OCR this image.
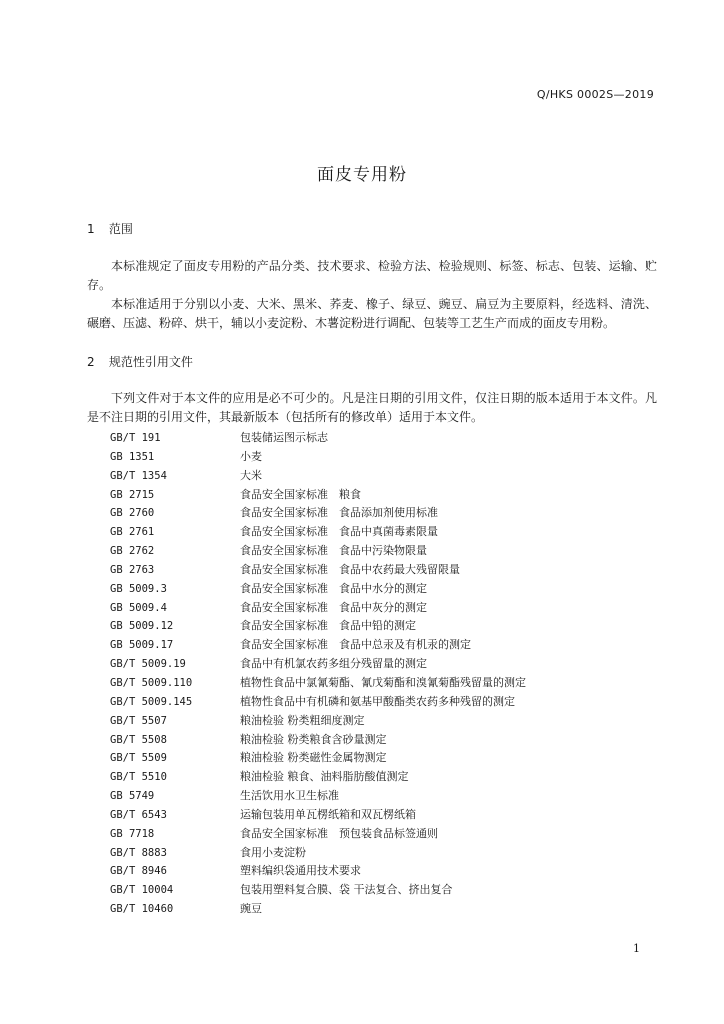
Q/HKS 0002S—2019
面皮专用粉
1 范围
本标准规定了面皮专用粉的产品分类、技术要求、检验方法、检验规则、标签、标志、包装、运输、贮存。
本标准适用于分别以小麦、大米、黑米、荞麦、橡子、绿豆、豌豆、扁豆为主要原料，经选料、清洗、碾磨、压滤、粉碎、烘干，辅以小麦淀粉、木薯淀粉进行调配、包装等工艺生产而成的面皮专用粉。
2 规范性引用文件
下列文件对于本文件的应用是必不可少的。凡是注日期的引用文件，仅注日期的版本适用于本文件。凡是不注日期的引用文件，其最新版本（包括所有的修改单）适用于本文件。
GB/T 191	包装储运图示标志
GB 1351	小麦
GB/T 1354	大米
GB 2715	食品安全国家标准　粮食
GB 2760	食品安全国家标准　食品添加剂使用标准
GB 2761	食品安全国家标准　食品中真菌毒素限量
GB 2762	食品安全国家标准　食品中污染物限量
GB 2763	食品安全国家标准　食品中农药最大残留限量
GB 5009.3	食品安全国家标准　食品中水分的测定
GB 5009.4	食品安全国家标准　食品中灰分的测定
GB 5009.12	食品安全国家标准　食品中铅的测定
GB 5009.17	食品安全国家标准　食品中总汞及有机汞的测定
GB/T 5009.19	食品中有机氯农药多组分残留量的测定
GB/T 5009.110	植物性食品中氯氰菊酯、氰戊菊酯和溴氰菊酯残留量的测定
GB/T 5009.145	植物性食品中有机磷和氨基甲酸酯类农药多种残留的测定
GB/T 5507	粮油检验 粉类粗细度测定
GB/T 5508	粮油检验 粉类粮食含砂量测定
GB/T 5509	粮油检验 粉类磁性金属物测定
GB/T 5510	粮油检验 粮食、油料脂肪酸值测定
GB 5749	生活饮用水卫生标准
GB/T 6543	运输包装用单瓦楞纸箱和双瓦楞纸箱
GB 7718	食品安全国家标准　预包装食品标签通则
GB/T 8883	食用小麦淀粉
GB/T 8946	塑料编织袋通用技术要求
GB/T 10004	包装用塑料复合膜、袋 干法复合、挤出复合
GB/T 10460	豌豆
1
